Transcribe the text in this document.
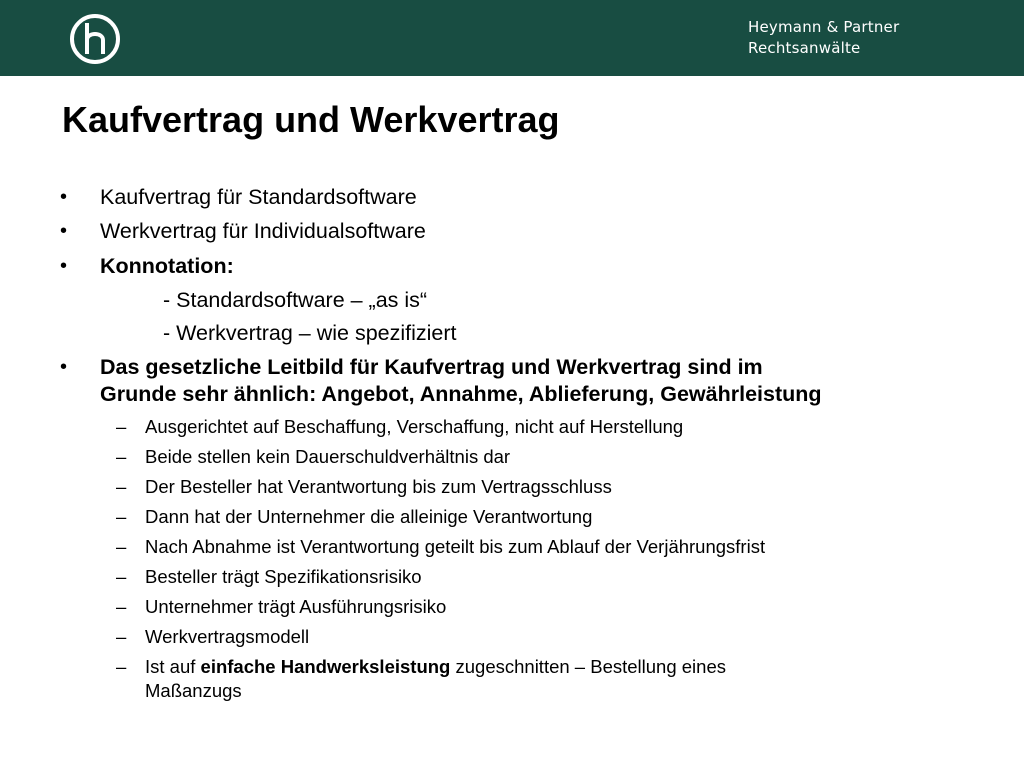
Heymann & Partner
Rechtsanwälte
Kaufvertrag und Werkvertrag
• Kaufvertrag für Standardsoftware
• Werkvertrag für Individualsoftware
• Konnotation:
- Standardsoftware – „as is“
- Werkvertrag – wie spezifiziert
• Das gesetzliche Leitbild für Kaufvertrag und Werkvertrag sind im
Grunde sehr ähnlich: Angebot, Annahme, Ablieferung, Gewährleistung
– Ausgerichtet auf Beschaffung, Verschaffung, nicht auf Herstellung
– Beide stellen kein Dauerschuldverhältnis dar
– Der Besteller hat Verantwortung bis zum Vertragsschluss
– Dann hat der Unternehmer die alleinige Verantwortung
– Nach Abnahme ist Verantwortung geteilt bis zum Ablauf der Verjährungsfrist
– Besteller trägt Spezifikationsrisiko
– Unternehmer trägt Ausführungsrisiko
– Werkvertragsmodell
– Ist auf einfache Handwerksleistung zugeschnitten – Bestellung eines
Maßanzugs
